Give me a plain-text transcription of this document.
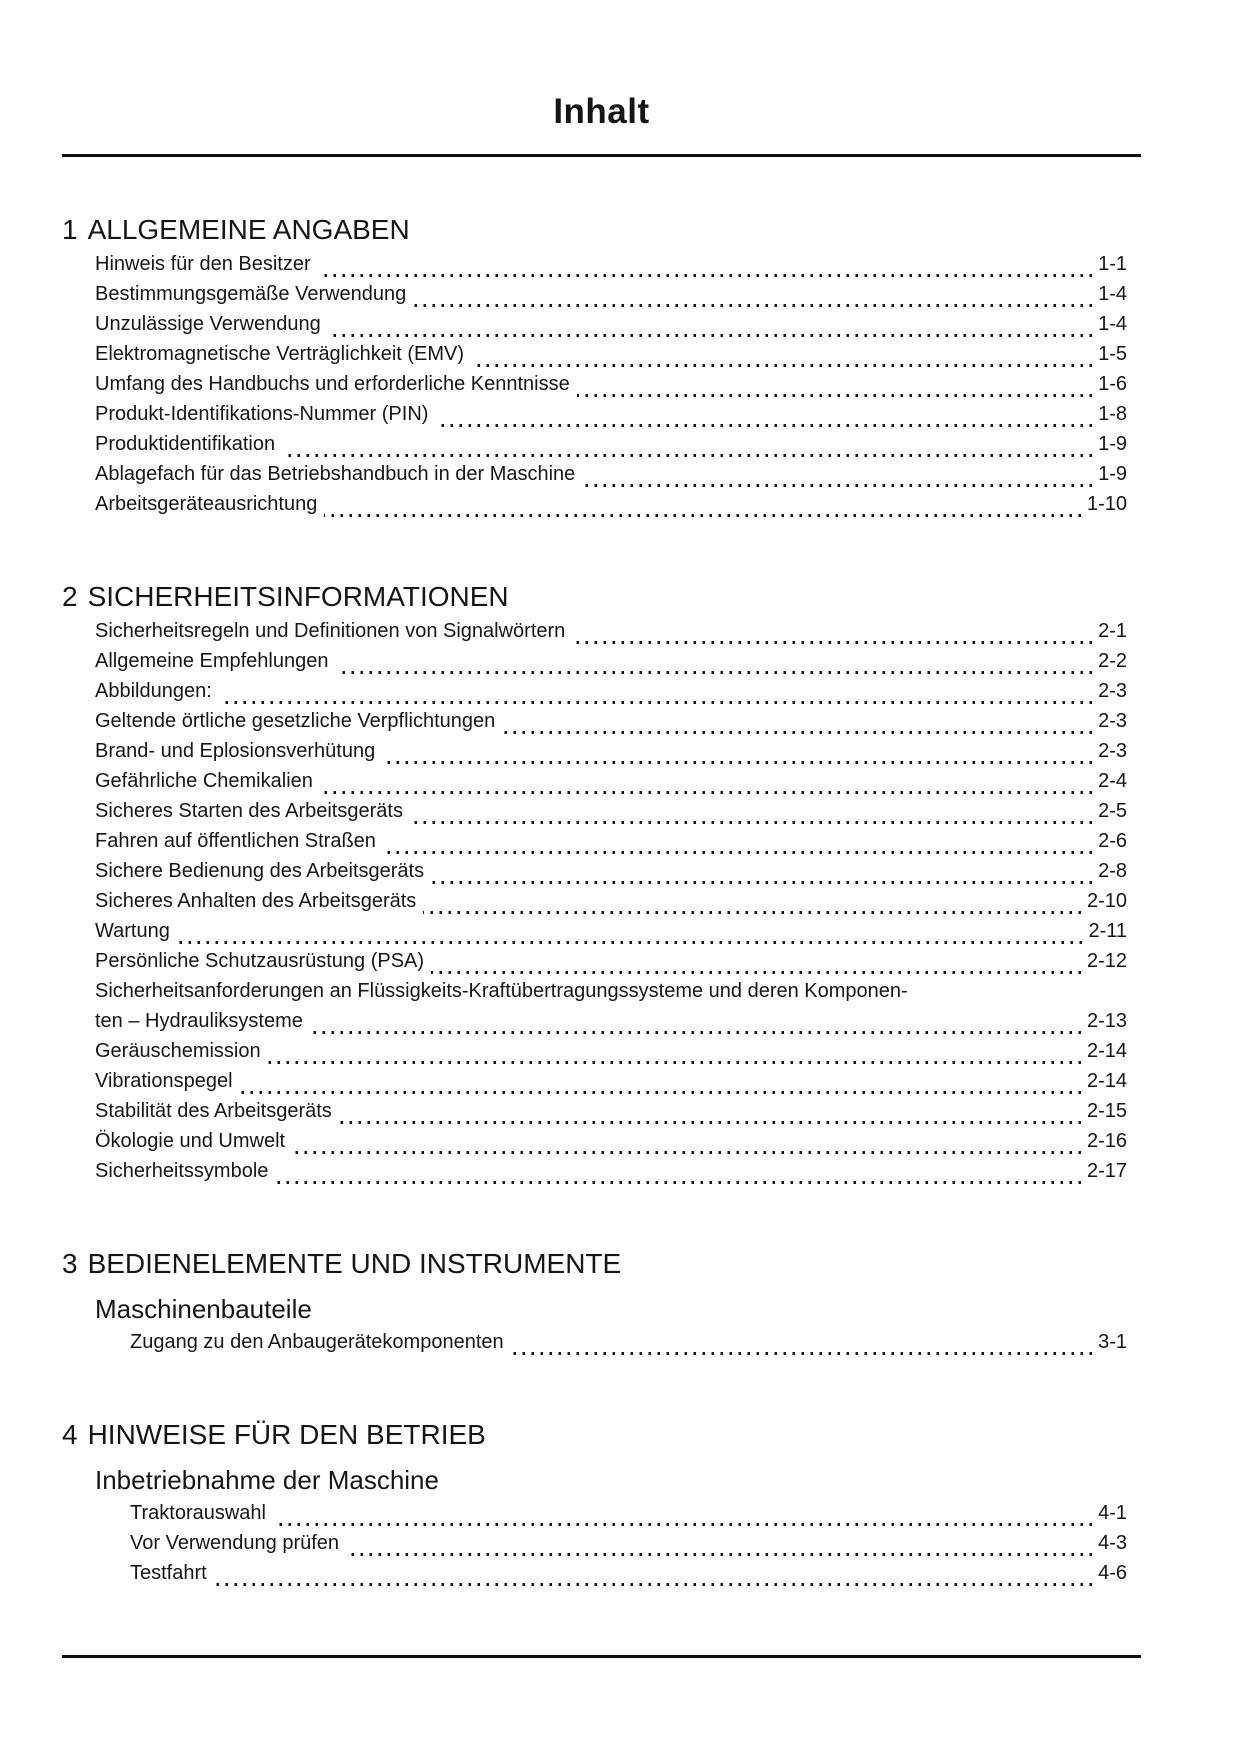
Inhalt
1 ALLGEMEINE ANGABEN
Hinweis für den Besitzer	1-1
Bestimmungsgemäße Verwendung	1-4
Unzulässige Verwendung	1-4
Elektromagnetische Verträglichkeit (EMV)	1-5
Umfang des Handbuchs und erforderliche Kenntnisse	1-6
Produkt-Identifikations-Nummer (PIN)	1-8
Produktidentifikation	1-9
Ablagefach für das Betriebshandbuch in der Maschine	1-9
Arbeitsgeräteausrichtung	1-10
2 SICHERHEITSINFORMATIONEN
Sicherheitsregeln und Definitionen von Signalwörtern	2-1
Allgemeine Empfehlungen	2-2
Abbildungen:	2-3
Geltende örtliche gesetzliche Verpflichtungen	2-3
Brand- und Eplosionsverhütung	2-3
Gefährliche Chemikalien	2-4
Sicheres Starten des Arbeitsgeräts	2-5
Fahren auf öffentlichen Straßen	2-6
Sichere Bedienung des Arbeitsgeräts	2-8
Sicheres Anhalten des Arbeitsgeräts	2-10
Wartung	2-11
Persönliche Schutzausrüstung (PSA)	2-12
Sicherheitsanforderungen an Flüssigkeits-Kraftübertragungssysteme und deren Komponen-
ten – Hydrauliksysteme	2-13
Geräuschemission	2-14
Vibrationspegel	2-14
Stabilität des Arbeitsgeräts	2-15
Ökologie und Umwelt	2-16
Sicherheitssymbole	2-17
3 BEDIENELEMENTE UND INSTRUMENTE
Maschinenbauteile
Zugang zu den Anbaugerätekomponenten	3-1
4 HINWEISE FÜR DEN BETRIEB
Inbetriebnahme der Maschine
Traktorauswahl	4-1
Vor Verwendung prüfen	4-3
Testfahrt	4-6
